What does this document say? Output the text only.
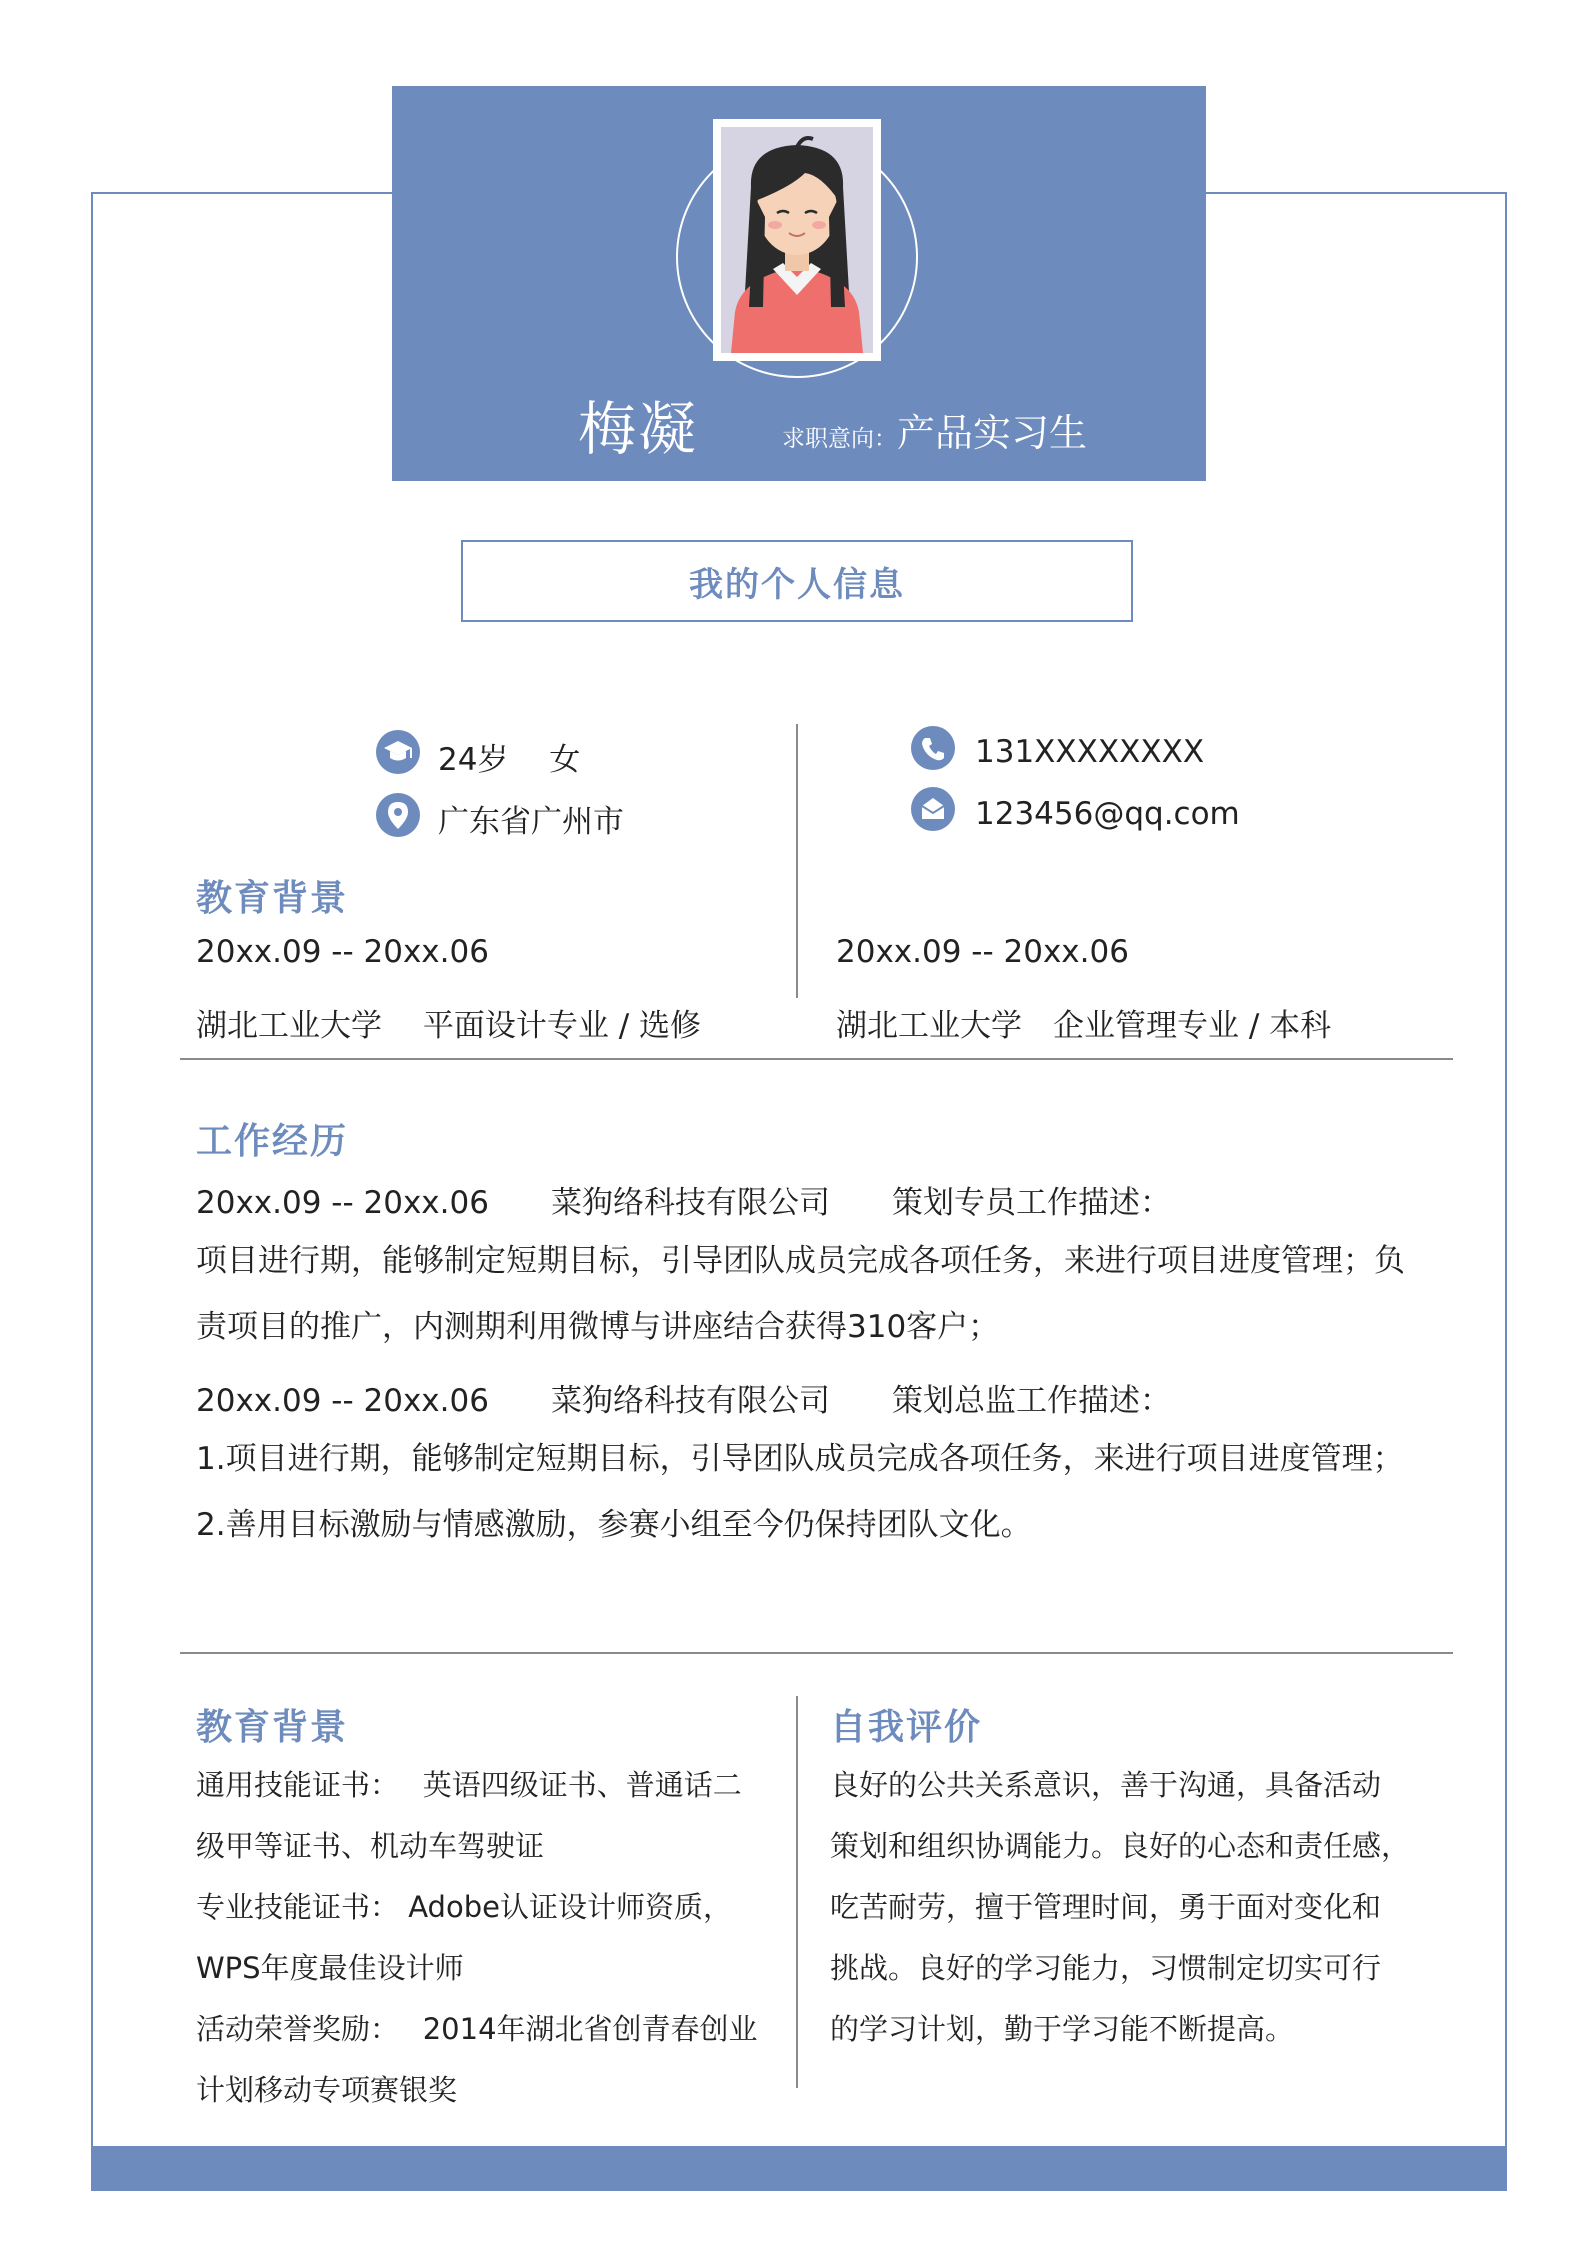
梅凝	求职意向：产品实习生
我的个人信息
24岁　 女
广东省广州市
131XXXXXXXX
123456@qq.com
教育背景
20xx.09 -- 20xx.06
湖北工业大学　 平面设计专业 / 选修
20xx.09 -- 20xx.06
湖北工业大学　企业管理专业 / 本科
工作经历
20xx.09 -- 20xx.06　　菜狗络科技有限公司　　策划专员工作描述：
项目进行期，能够制定短期目标，引导团队成员完成各项任务，来进行项目进度管理；负
责项目的推广，内测期利用微博与讲座结合获得310客户；
20xx.09 -- 20xx.06　　菜狗络科技有限公司　　策划总监工作描述：
1.项目进行期，能够制定短期目标，引导团队成员完成各项任务，来进行项目进度管理；
2.善用目标激励与情感激励，参赛小组至今仍保持团队文化。
教育背景
通用技能证书：　 英语四级证书、普通话二
级甲等证书、机动车驾驶证
专业技能证书： Adobe认证设计师资质，
WPS年度最佳设计师
活动荣誉奖励：　 2014年湖北省创青春创业
计划移动专项赛银奖
自我评价
良好的公共关系意识，善于沟通，具备活动
策划和组织协调能力。良好的心态和责任感，
吃苦耐劳，擅于管理时间，勇于面对变化和
挑战。良好的学习能力，习惯制定切实可行
的学习计划，勤于学习能不断提高。
